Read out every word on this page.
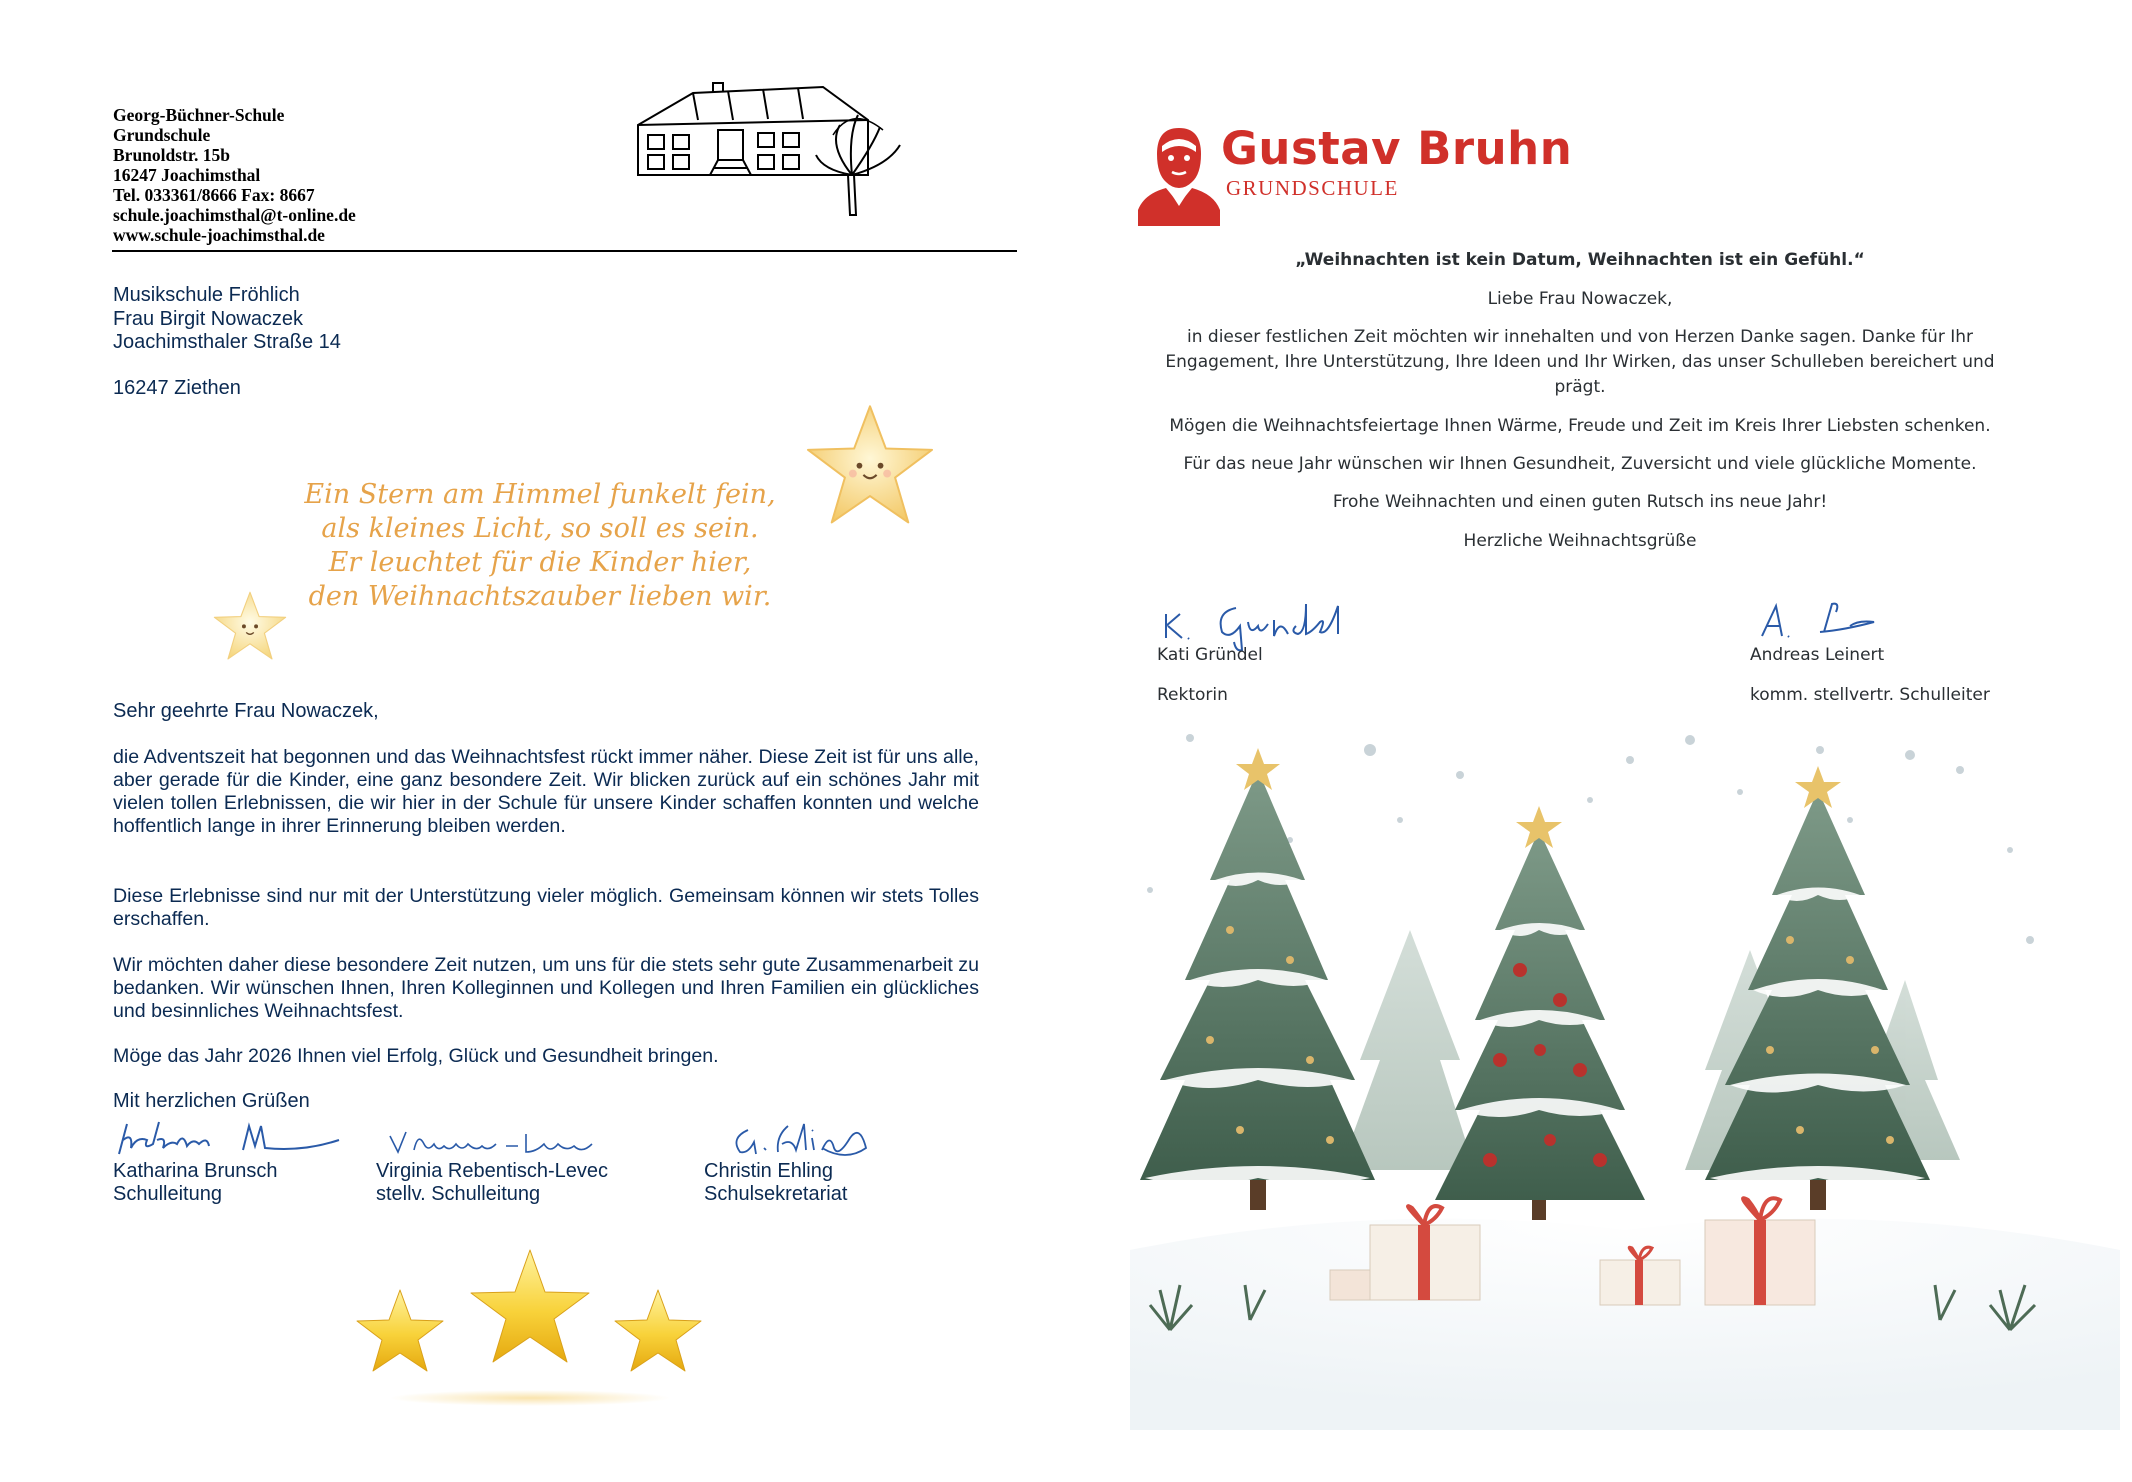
Georg-Büchner-Schule
Grundschule
Brunoldstr. 15b
16247 Joachimsthal
Tel. 033361/8666 Fax: 8667
schule.joachimsthal@t-online.de
www.schule-joachimsthal.de
Musikschule Fröhlich
Frau Birgit Nowaczek
Joachimsthaler Straße 14
16247 Ziethen
Ein Stern am Himmel funkelt fein,
als kleines Licht, so soll es sein.
Er leuchtet für die Kinder hier,
den Weihnachtszauber lieben wir.
Sehr geehrte Frau Nowaczek,

die Adventszeit hat begonnen und das Weihnachtsfest rückt immer näher. Diese Zeit ist für uns alle, aber gerade für die Kinder, eine ganz besondere Zeit. Wir blicken zurück auf ein schönes Jahr mit vielen tollen Erlebnissen, die wir hier in der Schule für unsere Kinder schaffen konnten und welche hoffentlich lange in ihrer Erinnerung bleiben werden.

Diese Erlebnisse sind nur mit der Unterstützung vieler möglich. Gemeinsam können wir stets Tolles erschaffen.

Wir möchten daher diese besondere Zeit nutzen, um uns für die stets sehr gute Zusammenarbeit zu bedanken. Wir wünschen Ihnen, Ihren Kolleginnen und Kollegen und Ihren Familien ein glückliches und besinnliches Weihnachtsfest.

Möge das Jahr 2026 Ihnen viel Erfolg, Glück und Gesundheit bringen.

Mit herzlichen Grüßen
Katharina Brunsch
Schulleitung
Virginia Rebentisch-Levec
stellv. Schulleitung
Christin Ehling
Schulsekretariat
Gustav Bruhn
GRUNDSCHULE
„Weihnachten ist kein Datum, Weihnachten ist ein Gefühl.“
Liebe Frau Nowaczek,
in dieser festlichen Zeit möchten wir innehalten und von Herzen Danke sagen. Danke für Ihr Engagement, Ihre Unterstützung, Ihre Ideen und Ihr Wirken, das unser Schulleben bereichert und prägt.
Mögen die Weihnachtsfeiertage Ihnen Wärme, Freude und Zeit im Kreis Ihrer Liebsten schenken.
Für das neue Jahr wünschen wir Ihnen Gesundheit, Zuversicht und viele glückliche Momente.
Frohe Weihnachten und einen guten Rutsch ins neue Jahr!
Herzliche Weihnachtsgrüße
Kati Gründel
Rektorin
Andreas Leinert
komm. stellvertr. Schulleiter
